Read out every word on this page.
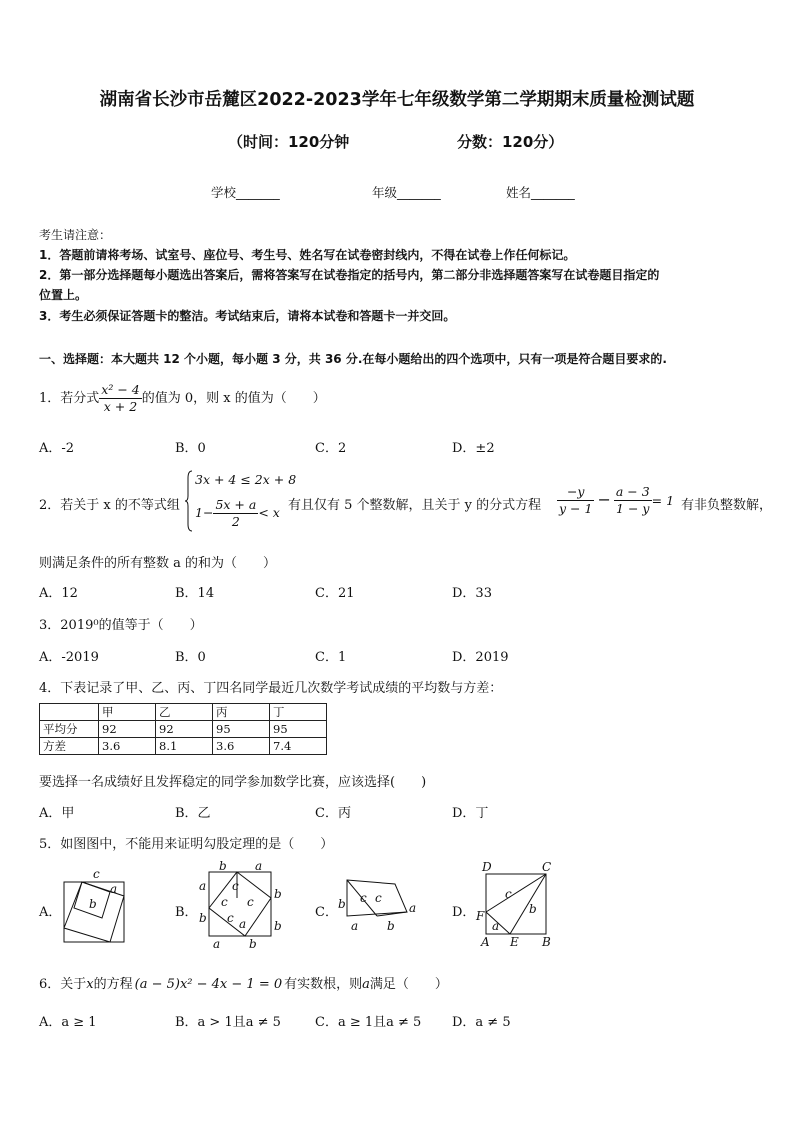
湖南省长沙市岳麓区2022-2023学年七年级数学第二学期期末质量检测试题
（时间：120分钟	分数：120分）
学校_______	年级_______	姓名_______
考生请注意：
1．答题前请将考场、试室号、座位号、考生号、姓名写在试卷密封线内，不得在试卷上作任何标记。
2．第一部分选择题每小题选出答案后，需将答案写在试卷指定的括号内，第二部分非选择题答案写在试卷题目指定的
位置上。
3．考生必须保证答题卡的整洁。考试结束后，请将本试卷和答题卡一并交回。
一、选择题：本大题共 12 个小题，每小题 3 分，共 36 分.在每小题给出的四个选项中，只有一项是符合题目要求的.
1．若分式 $\frac{\text{x² − 4}}{x + 2}$ 的值为 0，则 x 的值为（　　）
A．-2	B．0	C．2	D．±2
2．若关于 x 的不等式组
3x + 4 ≤ 2x + 8
$1- \frac{5x + a}{2} < x$ 有且仅有 5 个整数解，且关于 y 的分式方程 $\frac{-y}{y - 1} - \frac{a - 3}{1 - y} = 1$ 有非负整数解，
则满足条件的所有整数 a 的和为（　　）
A．12	B．14	C．21	D．33
3．2019⁰的值等于（　　）
A．-2019	B．0	C．1	D．2019
4．下表记录了甲、乙、丙、丁四名同学最近几次数学考试成绩的平均数与方差：
	甲	乙	丙	丁
平均分	92	92	95	95
方差	3.6	8.1	3.6	7.4
要选择一名成绩好且发挥稳定的同学参加数学比赛，应该选择(　　)
A．甲	B．乙	C．丙	D．丁
5．如图图中，不能用来证明勾股定理的是（　　）
A．	B．	C．	D．
c
a
b
b a
a c
b
c c
b c
b
a
a b
b c c
a
a b
D	C
c
b
F
a
A E B
6．关于x的方程 (a − 5)x² − 4x − 1 = 0 有实数根，则a满足（　　）
A．a ≥ 1	B．a > 1且a ≠ 5	C．a ≥ 1且a ≠ 5 D．a ≠ 5
